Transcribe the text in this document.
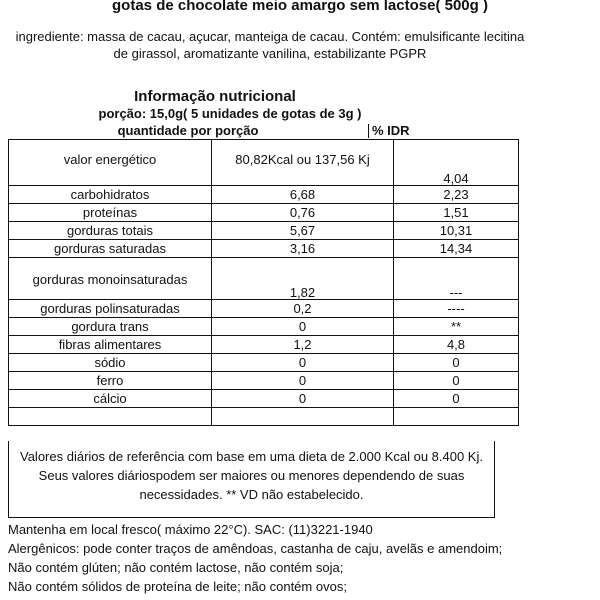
gotas de chocolate meio amargo sem lactose( 500g )
ingrediente: massa de cacau, açucar, manteiga de cacau. Contém: emulsificante lecitina de girassol, aromatizante vanilina, estabilizante PGPR
Informação nutricional
porção: 15,0g( 5 unidades de gotas de 3g )
quantidade por porção	% IDR
valor energético	80,82Kcal ou 137,56 Kj	4,04
carbohidratos	6,68	2,23
proteínas	0,76	1,51
gorduras totais	5,67	10,31
gorduras saturadas	3,16	14,34
gorduras monoinsaturadas	1,82	---
gorduras polinsaturadas	0,2	----
gordura trans	0	**
fibras alimentares	1,2	4,8
sódio	0	0
ferro	0	0
cálcio	0	0

Valores diários de referência com base em uma dieta de 2.000 Kcal ou 8.400 Kj. Seus valores diáriospodem ser maiores ou menores dependendo de suas necessidades. ** VD não estabelecido.
Mantenha em local fresco( máximo 22°C). SAC: (11)3221-1940
Alergênicos: pode conter traços de amêndoas, castanha de caju, avelãs e amendoim;
Não contém glúten; não contém lactose, não contém soja;
Não contém sólidos de proteína de leite; não contém ovos;
